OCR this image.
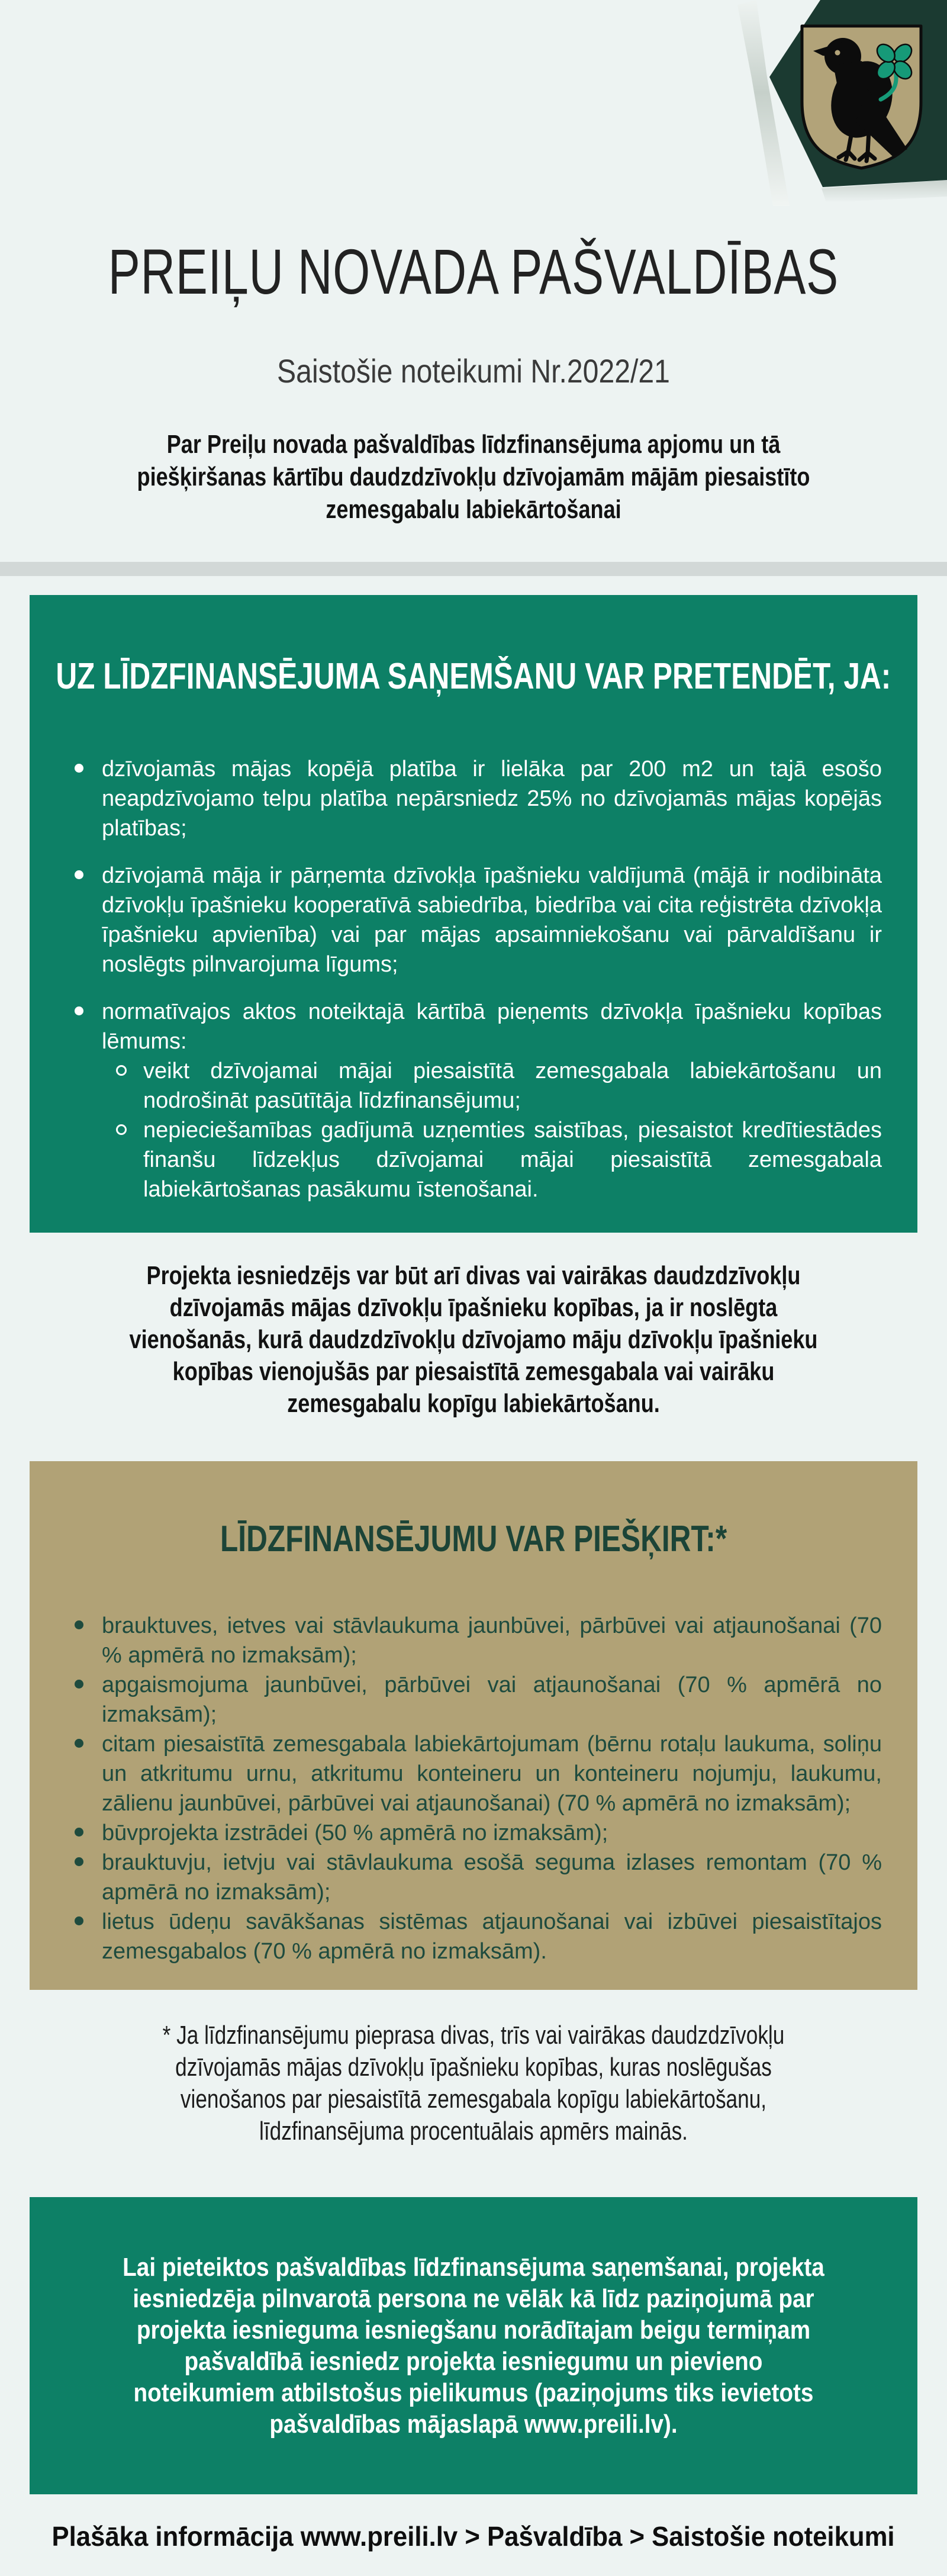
PREIĻU NOVADA PAŠVALDĪBAS
Saistošie noteikumi Nr.2022/21
Par Preiļu novada pašvaldības līdzfinansējuma apjomu un tā piešķiršanas kārtību daudzdzīvokļu dzīvojamām mājām piesaistīto zemesgabalu labiekārtošanai
UZ LĪDZFINANSĒJUMA SAŅEMŠANU VAR PRETENDĒT, JA:
dzīvojamās mājas kopējā platība ir lielāka par 200 m2 un tajā esošo neapdzīvojamo telpu platība nepārsniedz 25% no dzīvojamās mājas kopējās platības;
dzīvojamā māja ir pārņemta dzīvokļa īpašnieku valdījumā (mājā ir nodibināta dzīvokļu īpašnieku kooperatīvā sabiedrība, biedrība vai cita reģistrēta dzīvokļa īpašnieku apvienība) vai par mājas apsaimniekošanu vai pārvaldīšanu ir noslēgts pilnvarojuma līgums;
normatīvajos aktos noteiktajā kārtībā pieņemts dzīvokļa īpašnieku kopības lēmums:
veikt dzīvojamai mājai piesaistītā zemesgabala labiekārtošanu un nodrošināt pasūtītāja līdzfinansējumu;
nepieciešamības gadījumā uzņemties saistības, piesaistot kredītiestādes finanšu līdzekļus dzīvojamai mājai piesaistītā zemesgabala labiekārtošanas pasākumu īstenošanai.

Projekta iesniedzējs var būt arī divas vai vairākas daudzdzīvokļu dzīvojamās mājas dzīvokļu īpašnieku kopības, ja ir noslēgta vienošanās, kurā daudzdzīvokļu dzīvojamo māju dzīvokļu īpašnieku kopības vienojušās par piesaistītā zemesgabala vai vairāku zemesgabalu kopīgu labiekārtošanu.

LĪDZFINANSĒJUMU VAR PIEŠĶIRT:*
brauktuves, ietves vai stāvlaukuma jaunbūvei, pārbūvei vai atjaunošanai (70 % apmērā no izmaksām);
apgaismojuma jaunbūvei, pārbūvei vai atjaunošanai (70 % apmērā no izmaksām);
citam piesaistītā zemesgabala labiekārtojumam (bērnu rotaļu laukuma, soliņu un atkritumu urnu, atkritumu konteineru un konteineru nojumju, laukumu, zālienu jaunbūvei, pārbūvei vai atjaunošanai) (70 % apmērā no izmaksām);
būvprojekta izstrādei (50 % apmērā no izmaksām);
brauktuvju, ietvju vai stāvlaukuma esošā seguma izlases remontam (70 % apmērā no izmaksām);
lietus ūdeņu savākšanas sistēmas atjaunošanai vai izbūvei piesaistītajos zemesgabalos (70 % apmērā no izmaksām).

* Ja līdzfinansējumu pieprasa divas, trīs vai vairākas daudzdzīvokļu dzīvojamās mājas dzīvokļu īpašnieku kopības, kuras noslēgušas vienošanos par piesaistītā zemesgabala kopīgu labiekārtošanu, līdzfinansējuma procentuālais apmērs mainās.

Lai pieteiktos pašvaldības līdzfinansējuma saņemšanai, projekta iesniedzēja pilnvarotā persona ne vēlāk kā līdz paziņojumā par projekta iesnieguma iesniegšanu norādītajam beigu termiņam pašvaldībā iesniedz projekta iesniegumu un pievieno noteikumiem atbilstošus pielikumus (paziņojums tiks ievietots pašvaldības mājaslapā www.preili.lv).

Plašāka informācija www.preili.lv > Pašvaldība > Saistošie noteikumi
